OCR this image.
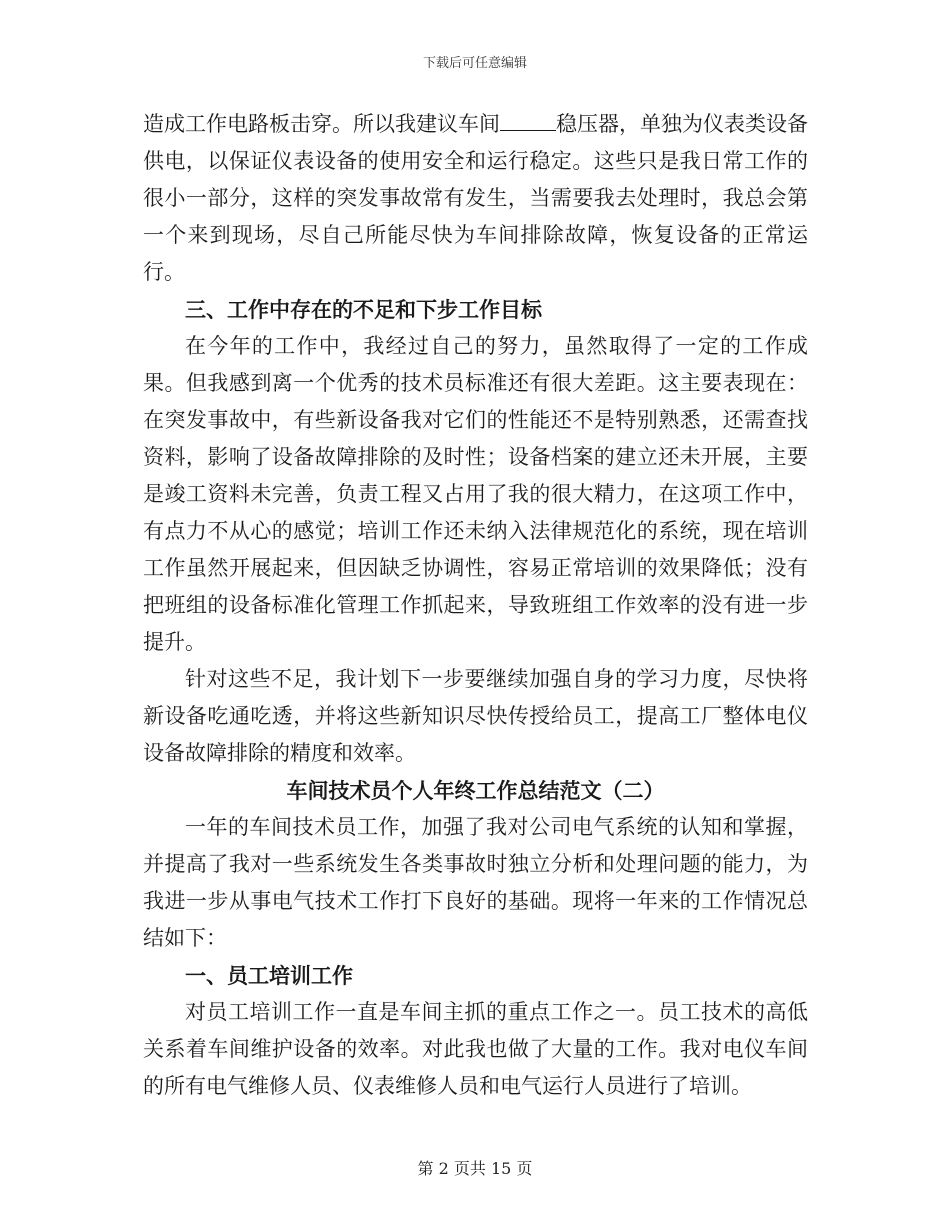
下载后可任意编辑

造成工作电路板击穿。所以我建议车间	稳压器，单独为仪表类设备供电，以保证仪表设备的使用安全和运行稳定。这些只是我日常工作的很小一部分，这样的突发事故常有发生，当需要我去处理时，我总会第一个来到现场，尽自己所能尽快为车间排除故障，恢复设备的正常运行。

三、工作中存在的不足和下步工作目标

在今年的工作中，我经过自己的努力，虽然取得了一定的工作成果。但我感到离一个优秀的技术员标准还有很大差距。这主要表现在：在突发事故中，有些新设备我对它们的性能还不是特别熟悉，还需查找资料，影响了设备故障排除的及时性；设备档案的建立还未开展，主要是竣工资料未完善，负责工程又占用了我的很大精力，在这项工作中，有点力不从心的感觉；培训工作还未纳入法律规范化的系统，现在培训工作虽然开展起来，但因缺乏协调性，容易正常培训的效果降低；没有把班组的设备标准化管理工作抓起来，导致班组工作效率的没有进一步提升。

针对这些不足，我计划下一步要继续加强自身的学习力度，尽快将新设备吃通吃透，并将这些新知识尽快传授给员工，提高工厂整体电仪设备故障排除的精度和效率。

车间技术员个人年终工作总结范文（二）

一年的车间技术员工作，加强了我对公司电气系统的认知和掌握，并提高了我对一些系统发生各类事故时独立分析和处理问题的能力，为我进一步从事电气技术工作打下良好的基础。现将一年来的工作情况总结如下：

一、员工培训工作

对员工培训工作一直是车间主抓的重点工作之一。员工技术的高低关系着车间维护设备的效率。对此我也做了大量的工作。我对电仪车间的所有电气维修人员、仪表维修人员和电气运行人员进行了培训。

第 2 页共 15 页
